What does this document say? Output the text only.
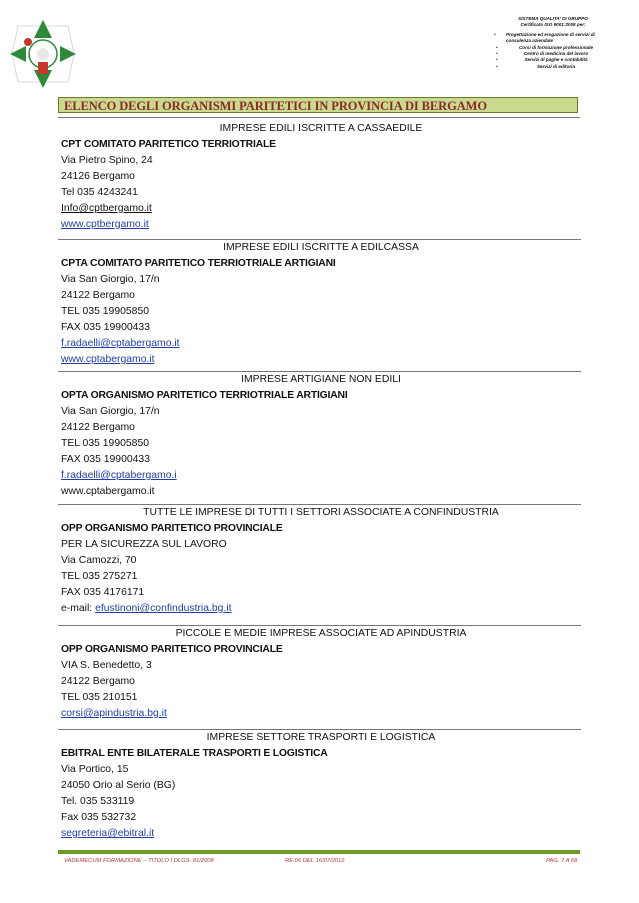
SISTEMA QUALITA' DI GRUPPO
Certificato ISO 9001:2008 per:
• Progettazione ed erogazione di servizi di consulenza aziendale
•	Corsi di formazione professionale
•	Centro di medicina del lavoro
•	Servizi di paghe e contabilità
•	Servizi di editoria
ELENCO DEGLI ORGANISMI PARITETICI IN PROVINCIA DI BERGAMO
IMPRESE EDILI ISCRITTE A CASSAEDILE
CPT COMITATO PARITETICO TERRIOTRIALE
Via Pietro Spino, 24
24126 Bergamo
Tel 035 4243241
Info@cptbergamo.it
www.cptbergamo.it
IMPRESE EDILI ISCRITTE A EDILCASSA
CPTA COMITATO PARITETICO TERRIOTRIALE ARTIGIANI
Via San Giorgio, 17/n
24122 Bergamo
TEL 035 19905850
FAX 035 19900433
f.radaelli@cptabergamo.it
www.cptabergamo.it
IMPRESE ARTIGIANE NON EDILI
OPTA ORGANISMO PARITETICO TERRIOTRIALE ARTIGIANI
Via San Giorgio, 17/n
24122 Bergamo
TEL 035 19905850
FAX 035 19900433
f.radaelli@cptabergamo.i
www.cptabergamo.it
TUTTE LE IMPRESE DI TUTTI I SETTORI ASSOCIATE A CONFINDUSTRIA
OPP ORGANISMO PARITETICO PROVINCIALE
PER LA SICUREZZA SUL LAVORO
Via Camozzi, 70
TEL 035 275271
FAX 035 4176171
e-mail: efustinoni@confindustria.bg.it
PICCOLE E MEDIE IMPRESE ASSOCIATE AD APINDUSTRIA
OPP ORGANISMO PARITETICO PROVINCIALE
VIA S. Benedetto, 3
24122 Bergamo
TEL 035 210151
corsi@apindustria.bg.it
IMPRESE SETTORE TRASPORTI E LOGISTICA
EBITRAL ENTE BILATERALE TRASPORTI E LOGISTICA
Via Portico, 15
24050 Orio al Serio (BG)
Tel. 035 533119
Fax 035 532732
segreteria@ebitral.it
VADEMECUM FORMAZIONE – TITOLO I DLGS. 81/2008	RE.06 DEL 16/07/2012	PAG. 7 A 68
